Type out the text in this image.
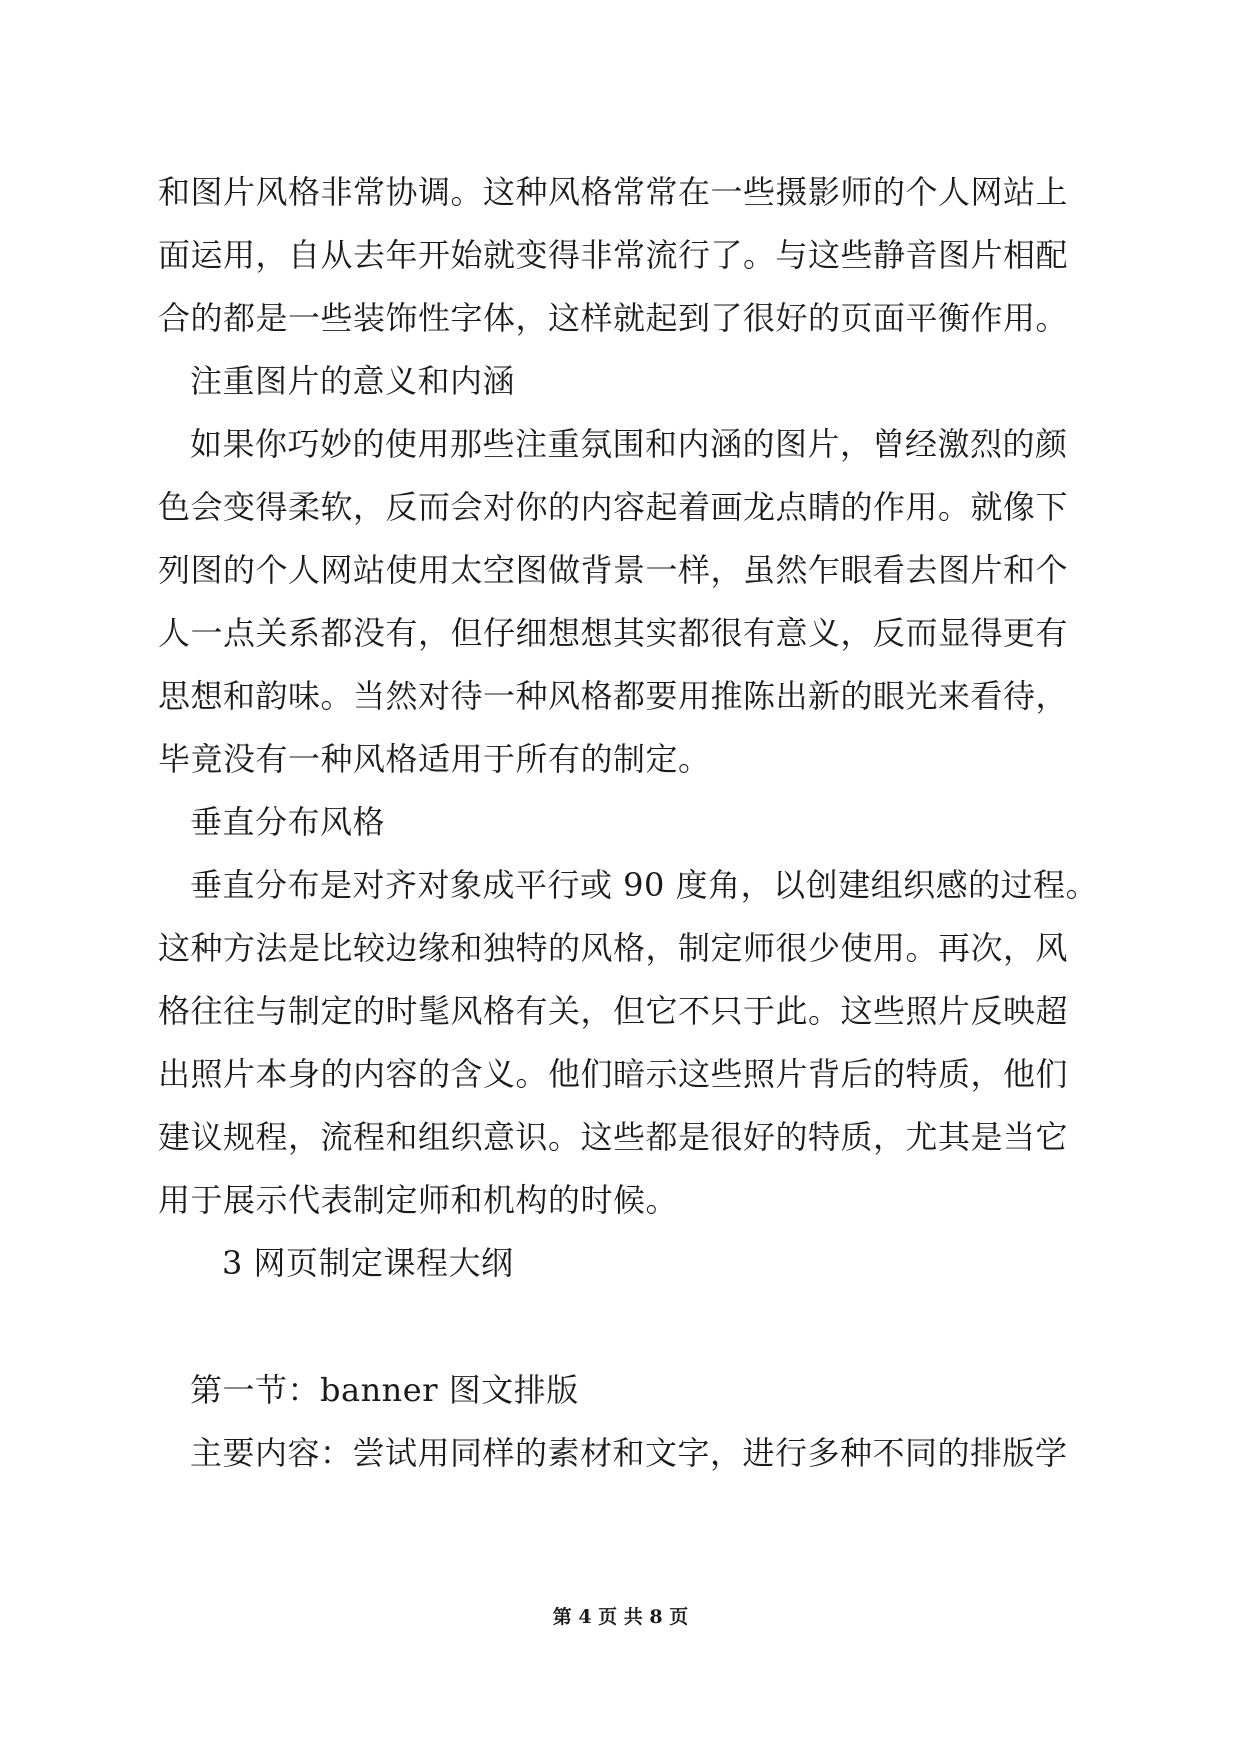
和图片风格非常协调。这种风格常常在一些摄影师的个人网站上
面运用，自从去年开始就变得非常流行了。与这些静音图片相配
合的都是一些装饰性字体，这样就起到了很好的页面平衡作用。
注重图片的意义和内涵
如果你巧妙的使用那些注重氛围和内涵的图片，曾经激烈的颜
色会变得柔软，反而会对你的内容起着画龙点睛的作用。就像下
列图的个人网站使用太空图做背景一样，虽然乍眼看去图片和个
人一点关系都没有，但仔细想想其实都很有意义，反而显得更有
思想和韵味。当然对待一种风格都要用推陈出新的眼光来看待，
毕竟没有一种风格适用于所有的制定。
垂直分布风格
垂直分布是对齐对象成平行或 90 度角，以创建组织感的过程。
这种方法是比较边缘和独特的风格，制定师很少使用。再次，风
格往往与制定的时髦风格有关，但它不只于此。这些照片反映超
出照片本身的内容的含义。他们暗示这些照片背后的特质，他们
建议规程，流程和组织意识。这些都是很好的特质，尤其是当它
用于展示代表制定师和机构的时候。
3 网页制定课程大纲
第一节：banner 图文排版
主要内容：尝试用同样的素材和文字，进行多种不同的排版学
第 4 页 共 8 页
